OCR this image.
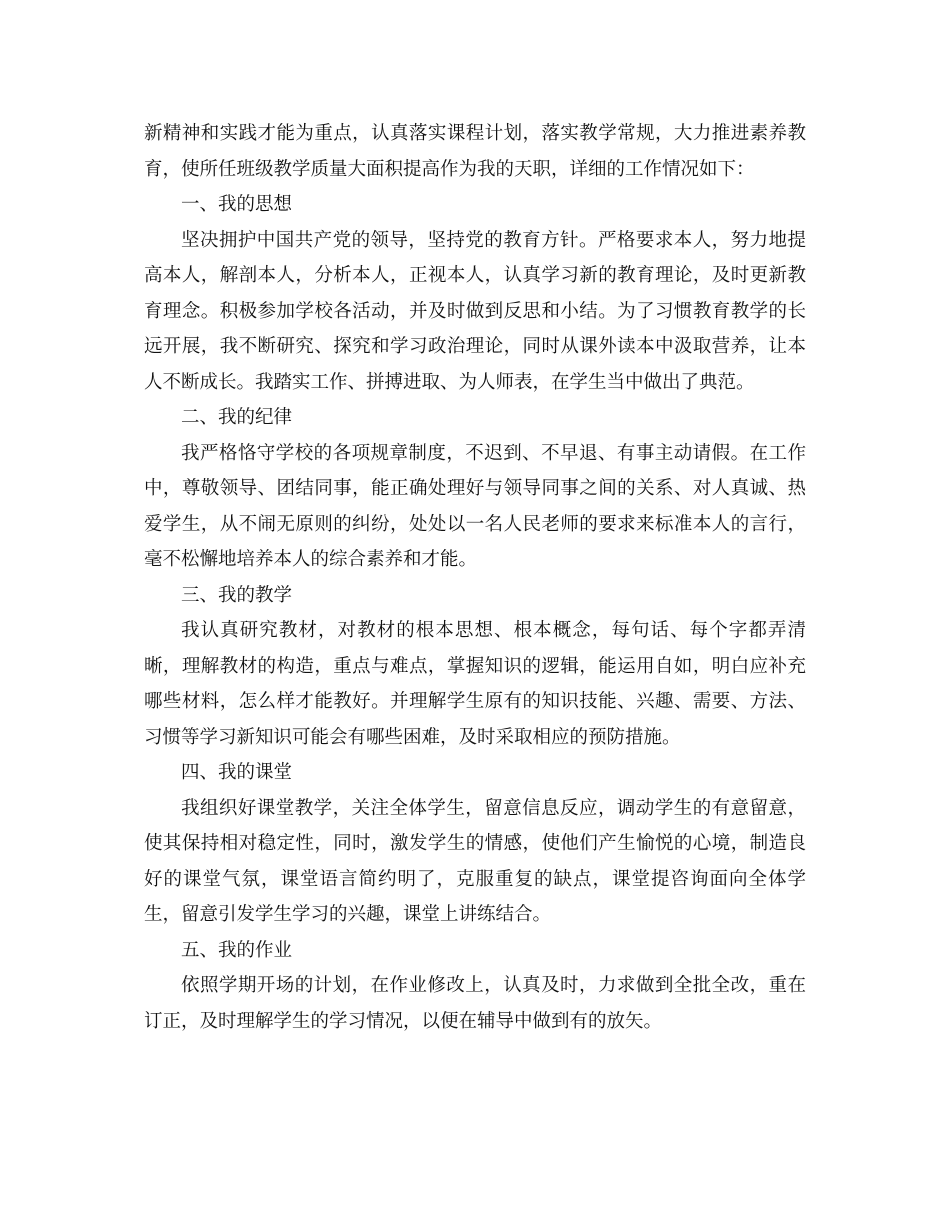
新精神和实践才能为重点，认真落实课程计划，落实教学常规，大力推进素养教育，使所任班级教学质量大面积提高作为我的天职，详细的工作情况如下：

一、我的思想

坚决拥护中国共产党的领导，坚持党的教育方针。严格要求本人，努力地提高本人，解剖本人，分析本人，正视本人，认真学习新的教育理论，及时更新教育理念。积极参加学校各活动，并及时做到反思和小结。为了习惯教育教学的长远开展，我不断研究、探究和学习政治理论，同时从课外读本中汲取营养，让本人不断成长。我踏实工作、拼搏进取、为人师表，在学生当中做出了典范。

二、我的纪律

我严格恪守学校的各项规章制度，不迟到、不早退、有事主动请假。在工作中，尊敬领导、团结同事，能正确处理好与领导同事之间的关系、对人真诚、热爱学生，从不闹无原则的纠纷，处处以一名人民老师的要求来标准本人的言行，毫不松懈地培养本人的综合素养和才能。

三、我的教学

我认真研究教材，对教材的根本思想、根本概念，每句话、每个字都弄清晰，理解教材的构造，重点与难点，掌握知识的逻辑，能运用自如，明白应补充哪些材料，怎么样才能教好。并理解学生原有的知识技能、兴趣、需要、方法、习惯等学习新知识可能会有哪些困难，及时采取相应的预防措施。

四、我的课堂

我组织好课堂教学，关注全体学生，留意信息反应，调动学生的有意留意，使其保持相对稳定性，同时，激发学生的情感，使他们产生愉悦的心境，制造良好的课堂气氛，课堂语言简约明了，克服重复的缺点，课堂提咨询面向全体学生，留意引发学生学习的兴趣，课堂上讲练结合。

五、我的作业

依照学期开场的计划，在作业修改上，认真及时，力求做到全批全改，重在订正，及时理解学生的学习情况，以便在辅导中做到有的放矢。
